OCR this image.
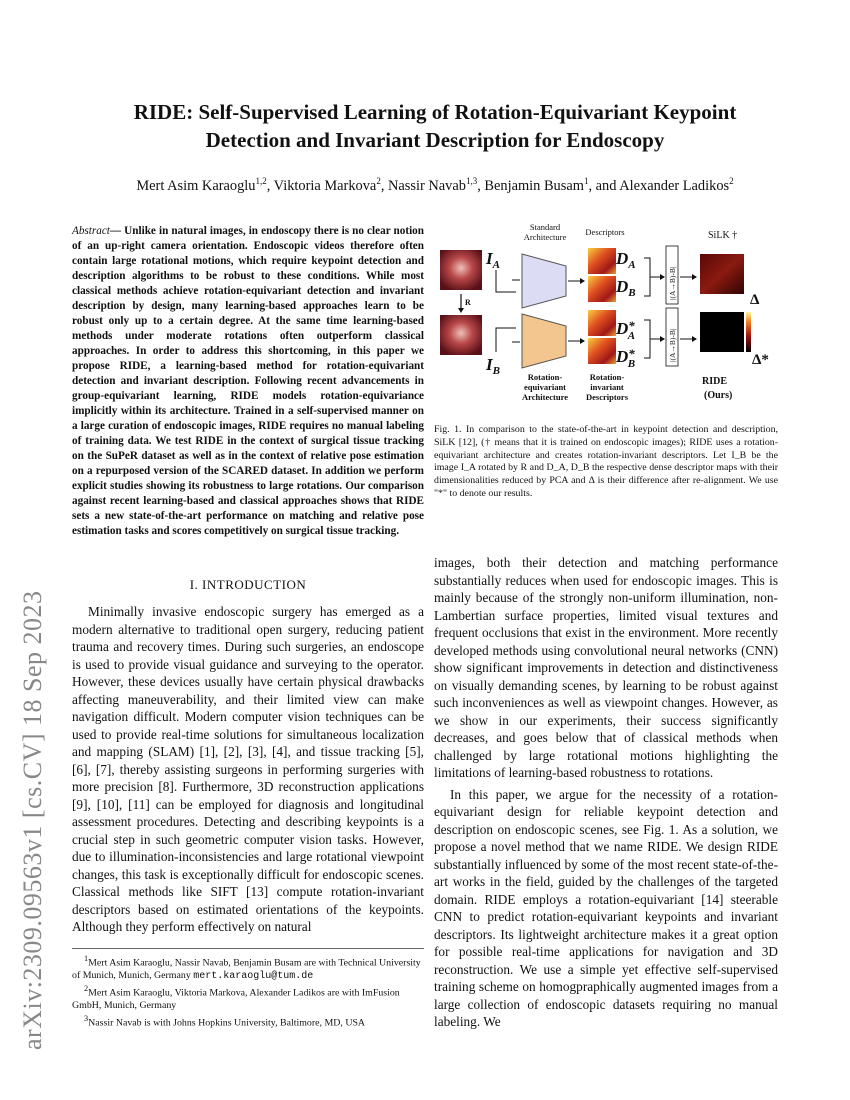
arXiv:2309.09563v1 [cs.CV] 18 Sep 2023
RIDE: Self-Supervised Learning of Rotation-Equivariant Keypoint
Detection and Invariant Description for Endoscopy
Mert Asim Karaoglu$^{1,2}$, Viktoria Markova$^2$, Nassir Navab$^{1,3}$, Benjamin Busam$^1$, and Alexander Ladikos$^2$
Abstract— Unlike in natural images, in endoscopy there is no clear notion of an up-right camera orientation. Endoscopic videos therefore often contain large rotational motions, which require keypoint detection and description algorithms to be robust to these conditions. While most classical methods achieve rotation-equivariant detection and invariant description by design, many learning-based approaches learn to be robust only up to a certain degree. At the same time learning-based methods under moderate rotations often outperform classical approaches. In order to address this shortcoming, in this paper we propose RIDE, a learning-based method for rotation-equivariant detection and invariant description. Following recent advancements in group-equivariant learning, RIDE models rotation-equivariance implicitly within its architecture. Trained in a self-supervised manner on a large curation of endoscopic images, RIDE requires no manual labeling of training data. We test RIDE in the context of surgical tissue tracking on the SuPeR dataset as well as in the context of relative pose estimation on a repurposed version of the SCARED dataset. In addition we perform explicit studies showing its robustness to large rotations. Our comparison against recent learning-based and classical approaches shows that RIDE sets a new state-of-the-art performance on matching and relative pose estimation tasks and scores competitively on surgical tissue tracking.
I. INTRODUCTION

Minimally invasive endoscopic surgery has emerged as a modern alternative to traditional open surgery, reducing patient trauma and recovery times. During such surgeries, an endoscope is used to provide visual guidance and surveying to the operator. However, these devices usually have certain physical drawbacks affecting maneuverability, and their limited view can make navigation difficult. Modern computer vision techniques can be used to provide real-time solutions for simultaneous localization and mapping (SLAM) [1], [2], [3], [4], and tissue tracking [5], [6], [7], thereby assisting surgeons in performing surgeries with more precision [8]. Furthermore, 3D reconstruction applications [9], [10], [11] can be employed for diagnosis and longitudinal assessment procedures. Detecting and describing keypoints is a crucial step in such geometric computer vision tasks. However, due to illumination-inconsistencies and large rotational viewpoint changes, this task is exceptionally difficult for endoscopic scenes. Classical methods like SIFT [13] compute rotation-invariant descriptors based on estimated orientations of the keypoints. Although they perform effectively on natural

images, both their detection and matching performance substantially reduces when used for endoscopic images. This is mainly because of the strongly non-uniform illumination, non-Lambertian surface properties, limited visual textures and frequent occlusions that exist in the environment. More recently developed methods using convolutional neural networks (CNN) show significant improvements in detection and distinctiveness on visually demanding scenes, by learning to be robust against such inconveniences as well as viewpoint changes. However, as we show in our experiments, their success significantly decreases, and goes below that of classical methods when challenged by large rotational motions highlighting the limitations of learning-based robustness to rotations.

In this paper, we argue for the necessity of a rotation-equivariant design for reliable keypoint detection and description on endoscopic scenes, see Fig. 1. As a solution, we propose a novel method that we name RIDE. We design RIDE substantially influenced by some of the most recent state-of-the-art works in the field, guided by the challenges of the targeted domain. RIDE employs a rotation-equivariant [14] steerable CNN to predict rotation-equivariant keypoints and invariant descriptors. Its lightweight architecture makes it a great option for possible real-time applications for navigation and 3D reconstruction. We use a simple yet effective self-supervised training scheme on homogpraphically augmented images from a large collection of endoscopic datasets requiring no manual labeling. We

$^1$Mert Asim Karaoglu, Nassir Navab, Benjamin Busam are with Technical University of Munich, Munich, Germany mert.karaoglu@tum.de

$^2$Mert Asim Karaoglu, Viktoria Markova, Alexander Ladikos are with ImFusion GmbH, Munich, Germany

$^3$Nassir Navab is with Johns Hopkins University, Baltimore, MD, USA

$I_A$
$I_B$
R
$D_A$
$D_B$
D* A
D* B
|(A→B)-B|
|(A→B)-B|
Δ
Δ*
SiLK †
RIDE
(Ours)
Standard Architecture	Descriptors
Rotation-equivariant Architecture
Rotation-invariant Descriptors
Fig. 1. In comparison to the state-of-the-art in keypoint detection and description, SiLK [12], († means that it is trained on endoscopic images); RIDE uses a rotation-equivariant architecture and creates rotation-invariant descriptors. Let I_B be the image I_A rotated by R and D_A, D_B the respective dense descriptor maps with their dimensionalities reduced by PCA and Δ is their difference after re-alignment. We use "*" to denote our results.
